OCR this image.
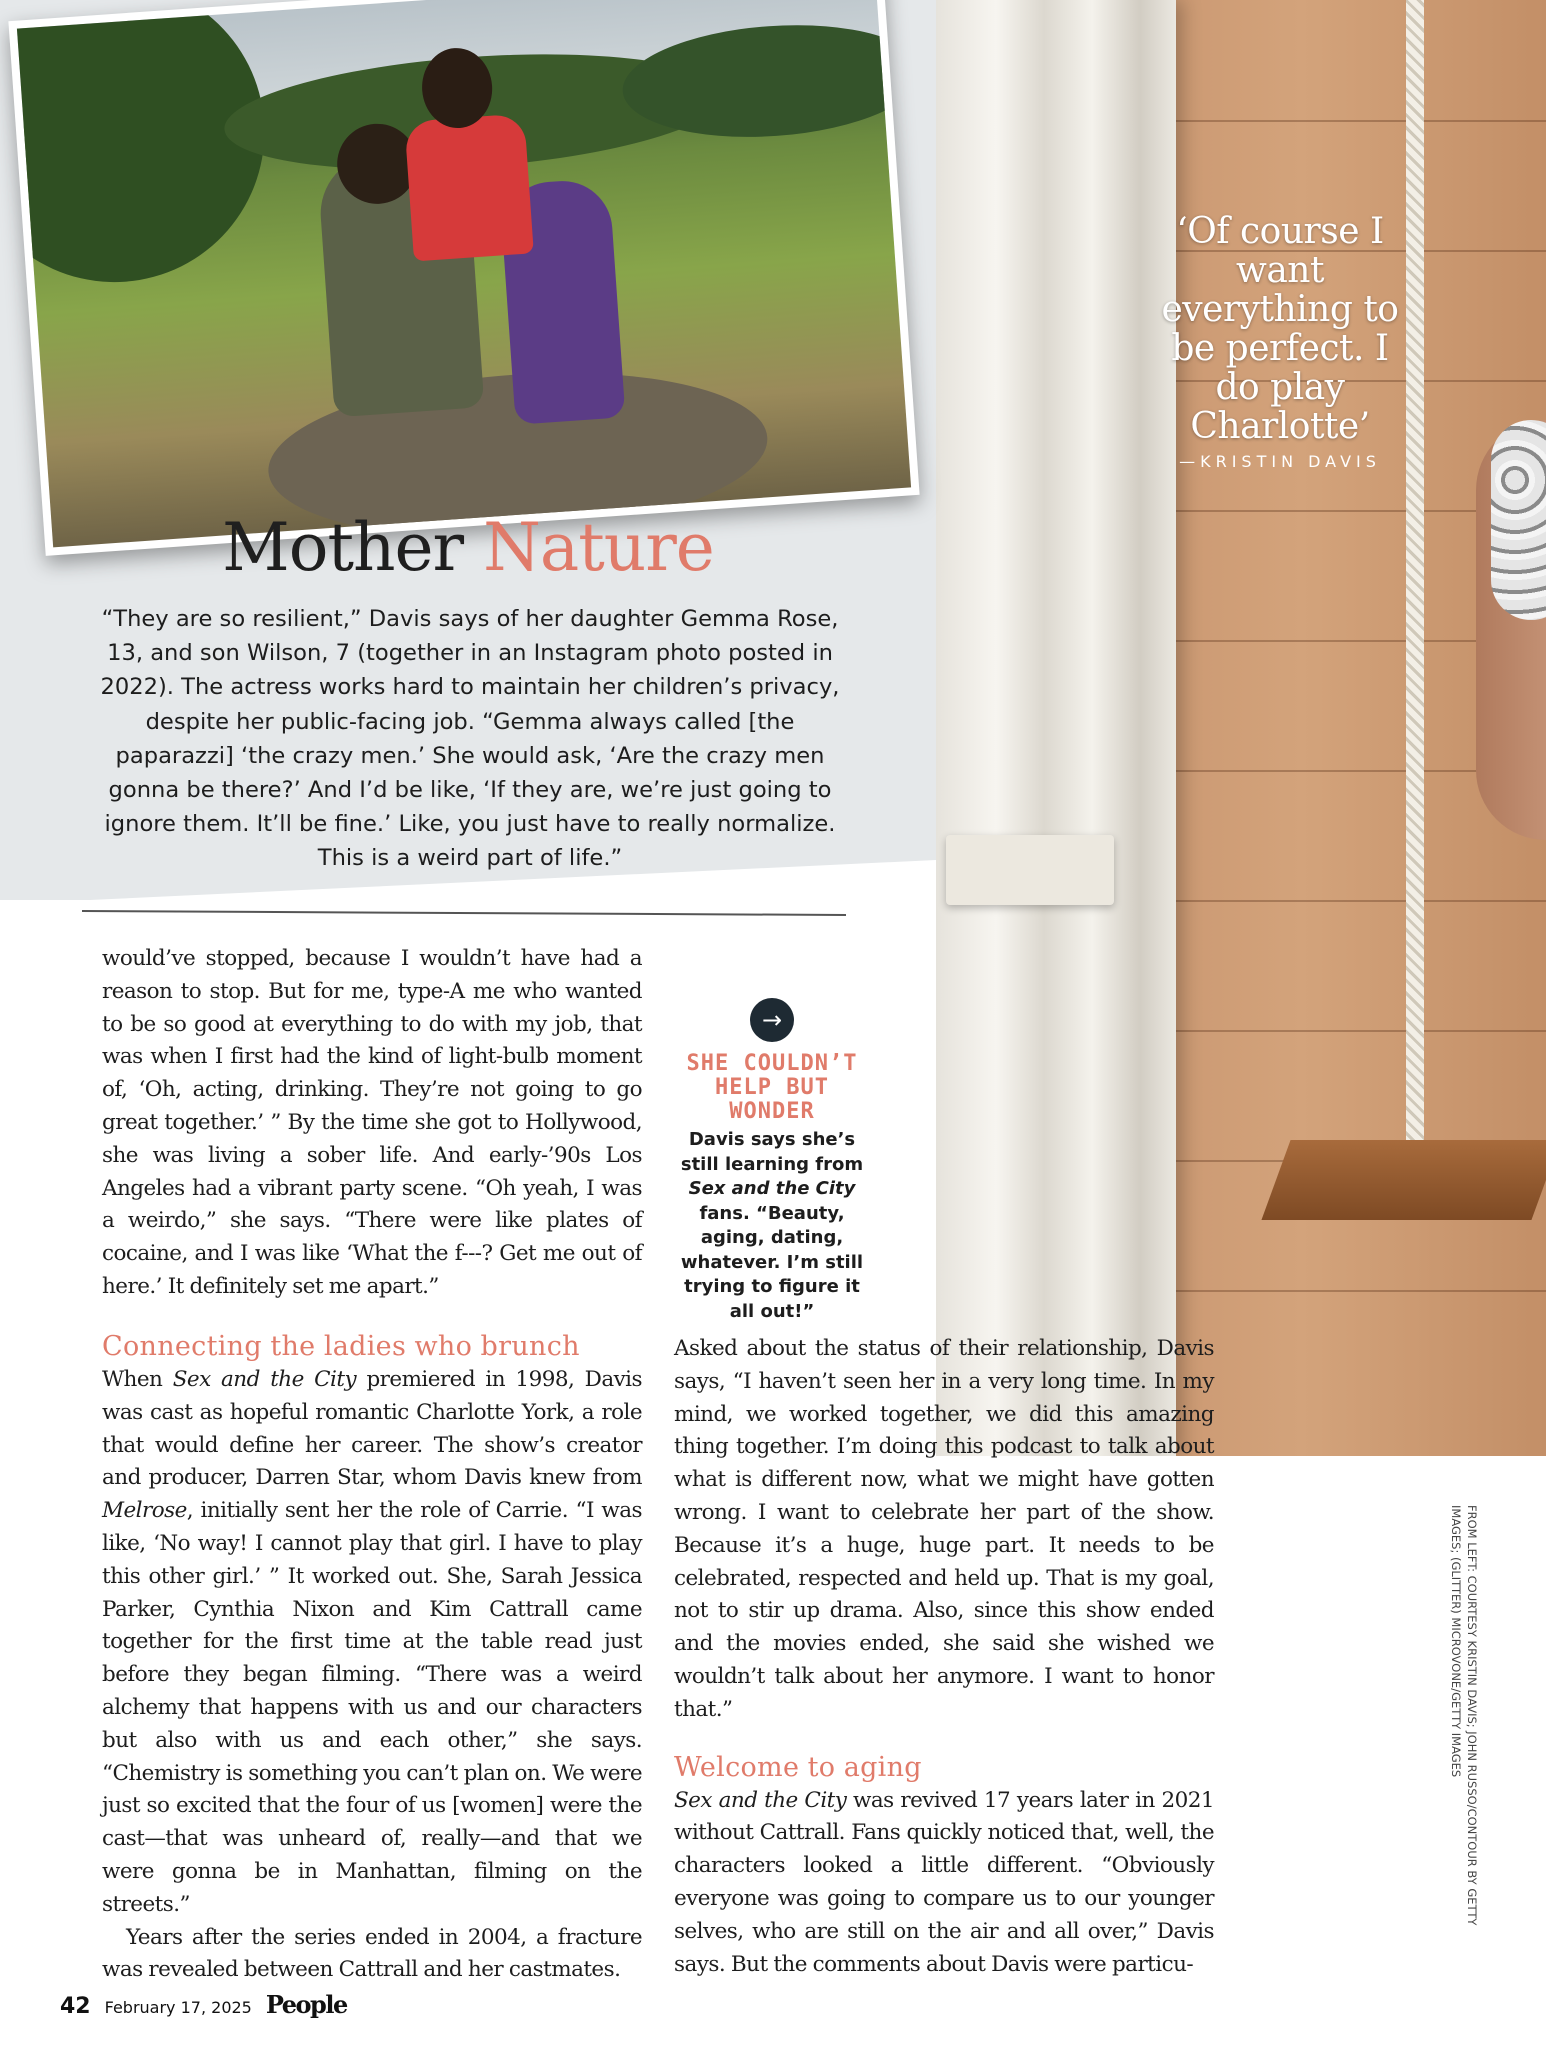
‘Of course I want everything to be perfect. I do play Charlotte’

—KRISTIN DAVIS
Mother Nature

“They are so resilient,” Davis says of her daughter Gemma Rose, 13, and son Wilson, 7 (together in an Instagram photo posted in 2022). The actress works hard to maintain her children’s privacy, despite her public-facing job. “Gemma always called [the paparazzi] ‘the crazy men.’ She would ask, ‘Are the crazy men gonna be there?’ And I’d be like, ‘If they are, we’re just going to ignore them. It’ll be fine.’ Like, you just have to really normalize. This is a weird part of life.”

would’ve stopped, because I wouldn’t have had a reason to stop. But for me, type-A me who wanted to be so good at everything to do with my job, that was when I first had the kind of light-bulb moment of, ‘Oh, acting, drinking. They’re not going to go great together.’ ” By the time she got to Hollywood, she was living a sober life. And early-’90s Los Angeles had a vibrant party scene. “Oh yeah, I was a weirdo,” she says. “There were like plates of cocaine, and I was like ‘What the f---? Get me out of here.’ It definitely set me apart.”

Connecting the ladies who brunch

When Sex and the City premiered in 1998, Davis was cast as hopeful romantic Charlotte York, a role that would define her career. The show’s creator and producer, Darren Star, whom Davis knew from Melrose, initially sent her the role of Carrie. “I was like, ‘No way! I cannot play that girl. I have to play this other girl.’ ” It worked out. She, Sarah Jessica Parker, Cynthia Nixon and Kim Cattrall came together for the first time at the table read just before they began filming. “There was a weird alchemy that happens with us and our characters but also with us and each other,” she says. “Chemistry is something you can’t plan on. We were just so excited that the four of us [women] were the cast—that was unheard of, really—and that we were gonna be in Manhattan, filming on the streets.”

Years after the series ended in 2004, a fracture was revealed between Cattrall and her castmates.

→

SHE COULDN’T HELP BUT WONDER

Davis says she’s still learning from Sex and the City fans. “Beauty, aging, dating, whatever. I’m still trying to figure it all out!”

Asked about the status of their relationship, Davis says, “I haven’t seen her in a very long time. In my mind, we worked together, we did this amazing thing together. I’m doing this podcast to talk about what is different now, what we might have gotten wrong. I want to celebrate her part of the show. Because it’s a huge, huge part. It needs to be celebrated, respected and held up. That is my goal, not to stir up drama. Also, since this show ended and the movies ended, she said she wished we wouldn’t talk about her anymore. I want to honor that.”

Welcome to aging

Sex and the City was revived 17 years later in 2021 without Cattrall. Fans quickly noticed that, well, the characters looked a little different. “Obviously everyone was going to compare us to our younger selves, who are still on the air and all over,” Davis says. But the comments about Davis were particu-

FROM LEFT: COURTESY KRISTIN DAVIS; JOHN RUSSO/CONTOUR BY GETTY IMAGES; (GLITTER) MICROVONE/GETTY IMAGES

42 February 17, 2025 People
